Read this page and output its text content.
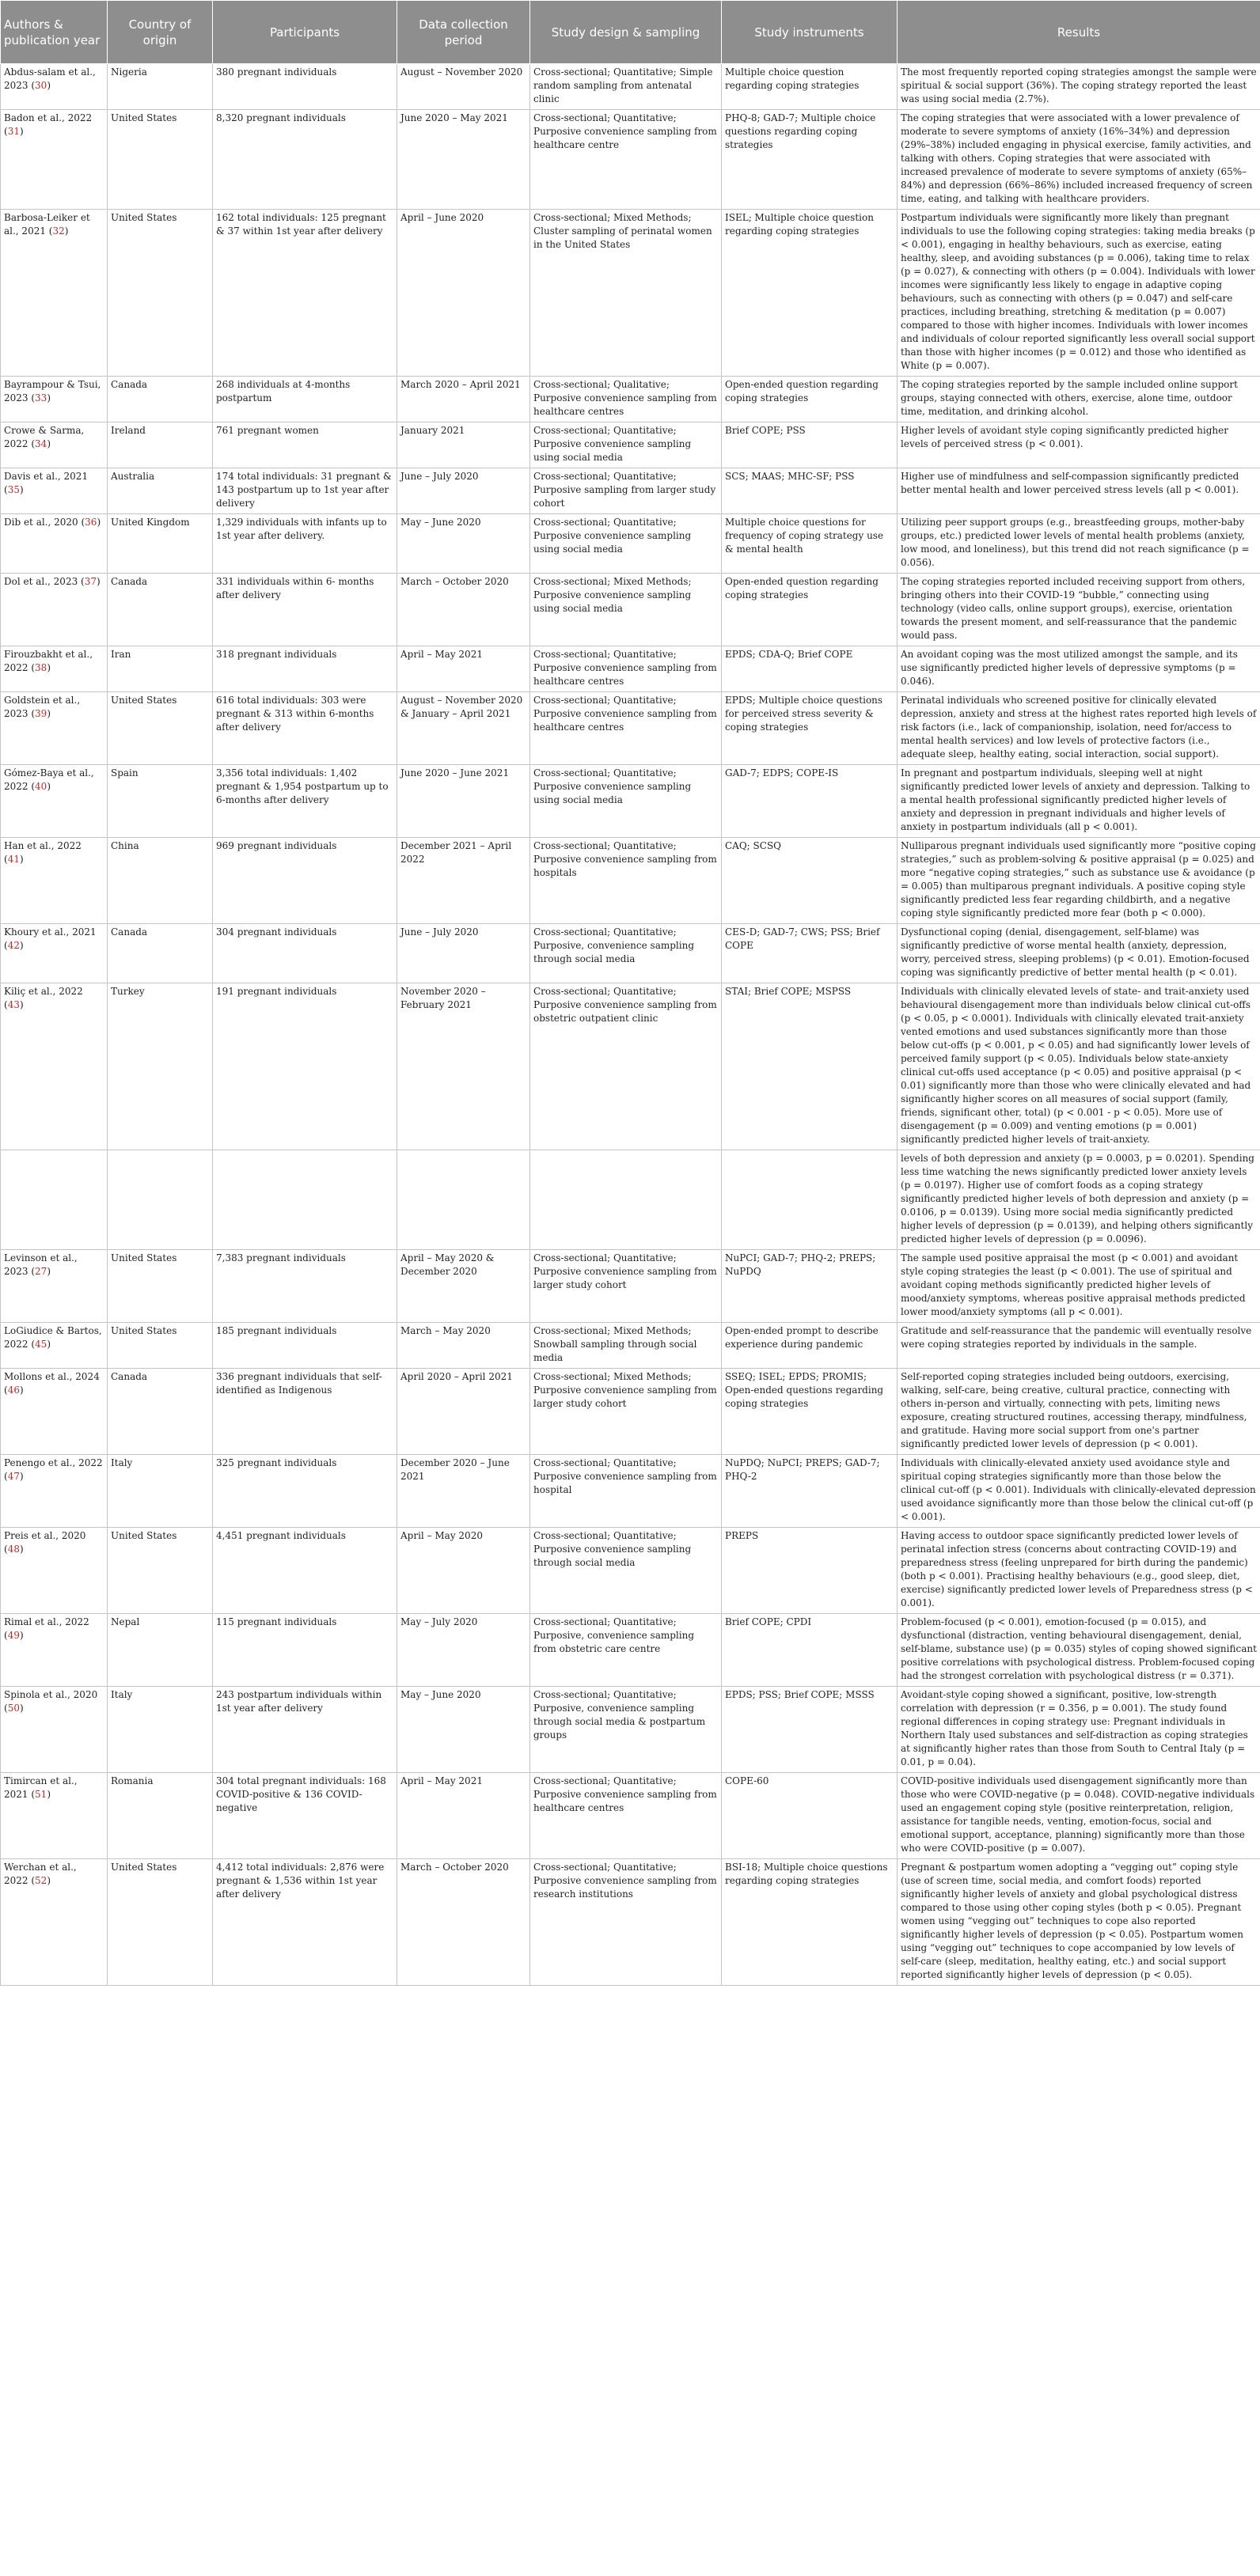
Authors & publication year	Country of origin	Participants	Data collection period	Study design & sampling	Study instruments	Results
Abdus-salam et al., 2023 (30)	Nigeria	380 pregnant individuals	August – November 2020	Cross-sectional; Quantitative; Simple random sampling from antenatal clinic	Multiple choice question regarding coping strategies	The most frequently reported coping strategies amongst the sample were spiritual & social support (36%). The coping strategy reported the least was using social media (2.7%).
Badon et al., 2022 (31)	United States	8,320 pregnant individuals	June 2020 – May 2021	Cross-sectional; Quantitative; Purposive convenience sampling from healthcare centre	PHQ-8; GAD-7; Multiple choice questions regarding coping strategies	The coping strategies that were associated with a lower prevalence of moderate to severe symptoms of anxiety (16%–34%) and depression (29%–38%) included engaging in physical exercise, family activities, and talking with others. Coping strategies that were associated with increased prevalence of moderate to severe symptoms of anxiety (65%–84%) and depression (66%–86%) included increased frequency of screen time, eating, and talking with healthcare providers.
Barbosa-Leiker et al., 2021 (32)	United States	162 total individuals: 125 pregnant & 37 within 1st year after delivery	April – June 2020	Cross-sectional; Mixed Methods; Cluster sampling of perinatal women in the United States	ISEL; Multiple choice question regarding coping strategies	Postpartum individuals were significantly more likely than pregnant individuals to use the following coping strategies: taking media breaks (p < 0.001), engaging in healthy behaviours, such as exercise, eating healthy, sleep, and avoiding substances (p = 0.006), taking time to relax (p = 0.027), & connecting with others (p = 0.004). Individuals with lower incomes were significantly less likely to engage in adaptive coping behaviours, such as connecting with others (p = 0.047) and self-care practices, including breathing, stretching & meditation (p = 0.007) compared to those with higher incomes. Individuals with lower incomes and individuals of colour reported significantly less overall social support than those with higher incomes (p = 0.012) and those who identified as White (p = 0.007).
Bayrampour & Tsui, 2023 (33)	Canada	268 individuals at 4-months postpartum	March 2020 – April 2021	Cross-sectional; Qualitative; Purposive convenience sampling from healthcare centres	Open-ended question regarding coping strategies	The coping strategies reported by the sample included online support groups, staying connected with others, exercise, alone time, outdoor time, meditation, and drinking alcohol.
Crowe & Sarma, 2022 (34)	Ireland	761 pregnant women	January 2021	Cross-sectional; Quantitative; Purposive convenience sampling using social media	Brief COPE; PSS	Higher levels of avoidant style coping significantly predicted higher levels of perceived stress (p < 0.001).
Davis et al., 2021 (35)	Australia	174 total individuals: 31 pregnant & 143 postpartum up to 1st year after delivery	June – July 2020	Cross-sectional; Quantitative; Purposive sampling from larger study cohort	SCS; MAAS; MHC-SF; PSS	Higher use of mindfulness and self-compassion significantly predicted better mental health and lower perceived stress levels (all p < 0.001).
Dib et al., 2020 (36)	United Kingdom	1,329 individuals with infants up to 1st year after delivery.	May – June 2020	Cross-sectional; Quantitative; Purposive convenience sampling using social media	Multiple choice questions for frequency of coping strategy use & mental health	Utilizing peer support groups (e.g., breastfeeding groups, mother-baby groups, etc.) predicted lower levels of mental health problems (anxiety, low mood, and loneliness), but this trend did not reach significance (p = 0.056).
Dol et al., 2023 (37)	Canada	331 individuals within 6- months after delivery	March – October 2020	Cross-sectional; Mixed Methods; Purposive convenience sampling using social media	Open-ended question regarding coping strategies	The coping strategies reported included receiving support from others, bringing others into their COVID-19 “bubble,” connecting using technology (video calls, online support groups), exercise, orientation towards the present moment, and self-reassurance that the pandemic would pass.
Firouzbakht et al., 2022 (38)	Iran	318 pregnant individuals	April – May 2021	Cross-sectional; Quantitative; Purposive convenience sampling from healthcare centres	EPDS; CDA-Q; Brief COPE	An avoidant coping was the most utilized amongst the sample, and its use significantly predicted higher levels of depressive symptoms (p = 0.046).
Goldstein et al., 2023 (39)	United States	616 total individuals: 303 were pregnant & 313 within 6-months after delivery	August – November 2020 & January – April 2021	Cross-sectional; Quantitative; Purposive convenience sampling from healthcare centres	EPDS; Multiple choice questions for perceived stress severity & coping strategies	Perinatal individuals who screened positive for clinically elevated depression, anxiety and stress at the highest rates reported high levels of risk factors (i.e., lack of companionship, isolation, need for/access to mental health services) and low levels of protective factors (i.e., adequate sleep, healthy eating, social interaction, social support).
Gómez-Baya et al., 2022 (40)	Spain	3,356 total individuals: 1,402 pregnant & 1,954 postpartum up to 6-months after delivery	June 2020 – June 2021	Cross-sectional; Quantitative; Purposive convenience sampling using social media	GAD-7; EDPS; COPE-IS	In pregnant and postpartum individuals, sleeping well at night significantly predicted lower levels of anxiety and depression. Talking to a mental health professional significantly predicted higher levels of anxiety and depression in pregnant individuals and higher levels of anxiety in postpartum individuals (all p < 0.001).
Han et al., 2022 (41)	China	969 pregnant individuals	December 2021 – April 2022	Cross-sectional; Quantitative; Purposive convenience sampling from hospitals	CAQ; SCSQ	Nulliparous pregnant individuals used significantly more “positive coping strategies,” such as problem-solving & positive appraisal (p = 0.025) and more “negative coping strategies,” such as substance use & avoidance (p = 0.005) than multiparous pregnant individuals. A positive coping style significantly predicted less fear regarding childbirth, and a negative coping style significantly predicted more fear (both p < 0.000).
Khoury et al., 2021 (42)	Canada	304 pregnant individuals	June – July 2020	Cross-sectional; Quantitative; Purposive, convenience sampling through social media	CES-D; GAD-7; CWS; PSS; Brief COPE	Dysfunctional coping (denial, disengagement, self-blame) was significantly predictive of worse mental health (anxiety, depression, worry, perceived stress, sleeping problems) (p < 0.01). Emotion-focused coping was significantly predictive of better mental health (p < 0.01).
Kiliç et al., 2022 (43)	Turkey	191 pregnant individuals	November 2020 – February 2021	Cross-sectional; Quantitative; Purposive convenience sampling from obstetric outpatient clinic	STAI; Brief COPE; MSPSS	Individuals with clinically elevated levels of state- and trait-anxiety used behavioural disengagement more than individuals below clinical cut-offs (p < 0.05, p < 0.0001). Individuals with clinically elevated trait-anxiety vented emotions and used substances significantly more than those below cut-offs (p < 0.001, p < 0.05) and had significantly lower levels of perceived family support (p < 0.05). Individuals below state-anxiety clinical cut-offs used acceptance (p < 0.05) and positive appraisal (p < 0.01) significantly more than those who were clinically elevated and had significantly higher scores on all measures of social support (family, friends, significant other, total) (p < 0.001 - p < 0.05). More use of disengagement (p = 0.009) and venting emotions (p = 0.001) significantly predicted higher levels of trait-anxiety.
						levels of both depression and anxiety (p = 0.0003, p = 0.0201). Spending less time watching the news significantly predicted lower anxiety levels (p = 0.0197). Higher use of comfort foods as a coping strategy significantly predicted higher levels of both depression and anxiety (p = 0.0106, p = 0.0139). Using more social media significantly predicted higher levels of depression (p = 0.0139), and helping others significantly predicted higher levels of depression (p = 0.0096).
Levinson et al., 2023 (27)	United States	7,383 pregnant individuals	April – May 2020 & December 2020	Cross-sectional; Quantitative; Purposive convenience sampling from larger study cohort	NuPCI; GAD-7; PHQ-2; PREPS; NuPDQ	The sample used positive appraisal the most (p < 0.001) and avoidant style coping strategies the least (p < 0.001). The use of spiritual and avoidant coping methods significantly predicted higher levels of mood/anxiety symptoms, whereas positive appraisal methods predicted lower mood/anxiety symptoms (all p < 0.001).
LoGiudice & Bartos, 2022 (45)	United States	185 pregnant individuals	March – May 2020	Cross-sectional; Mixed Methods; Snowball sampling through social media	Open-ended prompt to describe experience during pandemic	Gratitude and self-reassurance that the pandemic will eventually resolve were coping strategies reported by individuals in the sample.
Mollons et al., 2024 (46)	Canada	336 pregnant individuals that self-identified as Indigenous	April 2020 – April 2021	Cross-sectional; Mixed Methods; Purposive convenience sampling from larger study cohort	SSEQ; ISEL; EPDS; PROMIS; Open-ended questions regarding coping strategies	Self-reported coping strategies included being outdoors, exercising, walking, self-care, being creative, cultural practice, connecting with others in-person and virtually, connecting with pets, limiting news exposure, creating structured routines, accessing therapy, mindfulness, and gratitude. Having more social support from one's partner significantly predicted lower levels of depression (p < 0.001).
Penengo et al., 2022 (47)	Italy	325 pregnant individuals	December 2020 – June 2021	Cross-sectional; Quantitative; Purposive convenience sampling from hospital	NuPDQ; NuPCI; PREPS; GAD-7; PHQ-2	Individuals with clinically-elevated anxiety used avoidance style and spiritual coping strategies significantly more than those below the clinical cut-off (p < 0.001). Individuals with clinically-elevated depression used avoidance significantly more than those below the clinical cut-off (p < 0.001).
Preis et al., 2020 (48)	United States	4,451 pregnant individuals	April – May 2020	Cross-sectional; Quantitative; Purposive convenience sampling through social media	PREPS	Having access to outdoor space significantly predicted lower levels of perinatal infection stress (concerns about contracting COVID-19) and preparedness stress (feeling unprepared for birth during the pandemic) (both p < 0.001). Practising healthy behaviours (e.g., good sleep, diet, exercise) significantly predicted lower levels of Preparedness stress (p < 0.001).
Rimal et al., 2022 (49)	Nepal	115 pregnant individuals	May – July 2020	Cross-sectional; Quantitative; Purposive, convenience sampling from obstetric care centre	Brief COPE; CPDI	Problem-focused (p < 0.001), emotion-focused (p = 0.015), and dysfunctional (distraction, venting behavioural disengagement, denial, self-blame, substance use) (p = 0.035) styles of coping showed significant positive correlations with psychological distress. Problem-focused coping had the strongest correlation with psychological distress (r = 0.371).
Spinola et al., 2020 (50)	Italy	243 postpartum individuals within 1st year after delivery	May – June 2020	Cross-sectional; Quantitative; Purposive, convenience sampling through social media & postpartum groups	EPDS; PSS; Brief COPE; MSSS	Avoidant-style coping showed a significant, positive, low-strength correlation with depression (r = 0.356, p = 0.001). The study found regional differences in coping strategy use: Pregnant individuals in Northern Italy used substances and self-distraction as coping strategies at significantly higher rates than those from South to Central Italy (p = 0.01, p = 0.04).
Timircan et al., 2021 (51)	Romania	304 total pregnant individuals: 168 COVID-positive & 136 COVID-negative	April – May 2021	Cross-sectional; Quantitative; Purposive convenience sampling from healthcare centres	COPE-60	COVID-positive individuals used disengagement significantly more than those who were COVID-negative (p = 0.048). COVID-negative individuals used an engagement coping style (positive reinterpretation, religion, assistance for tangible needs, venting, emotion-focus, social and emotional support, acceptance, planning) significantly more than those who were COVID-positive (p = 0.007).
Werchan et al., 2022 (52)	United States	4,412 total individuals: 2,876 were pregnant & 1,536 within 1st year after delivery	March – October 2020	Cross-sectional; Quantitative; Purposive convenience sampling from research institutions	BSI-18; Multiple choice questions regarding coping strategies	Pregnant & postpartum women adopting a “vegging out” coping style (use of screen time, social media, and comfort foods) reported significantly higher levels of anxiety and global psychological distress compared to those using other coping styles (both p < 0.05). Pregnant women using “vegging out” techniques to cope also reported significantly higher levels of depression (p < 0.05). Postpartum women using “vegging out” techniques to cope accompanied by low levels of self-care (sleep, meditation, healthy eating, etc.) and social support reported significantly higher levels of depression (p < 0.05).
